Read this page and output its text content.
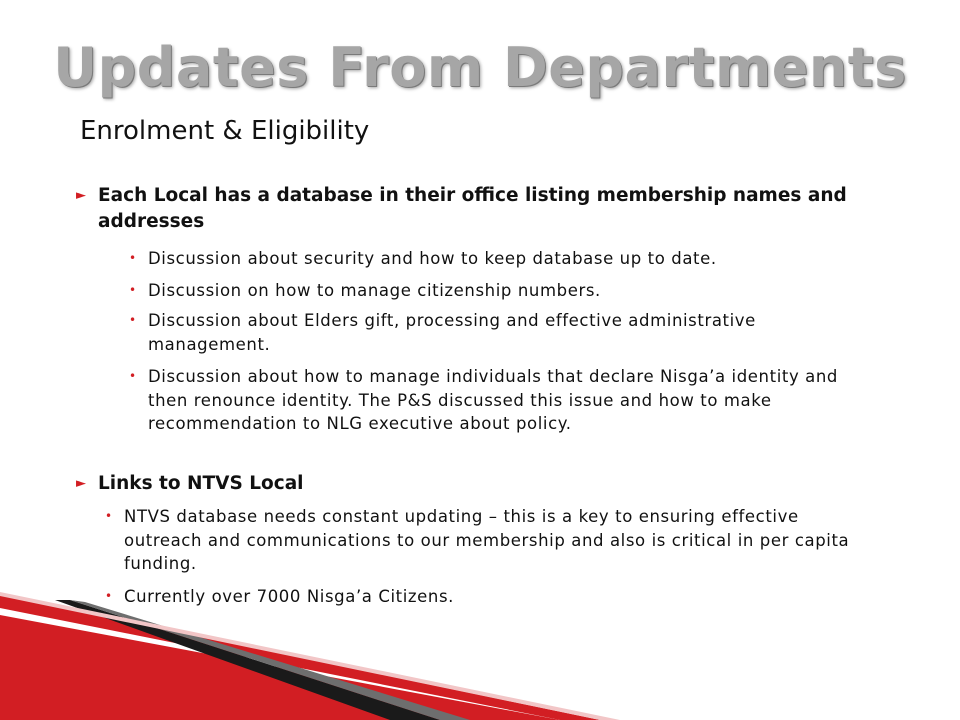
Updates From Departments
Enrolment & Eligibility
► Each Local has a database in their office listing membership names and addresses
• Discussion about security and how to keep database up to date.
• Discussion on how to manage citizenship numbers.
• Discussion about Elders gift, processing and effective administrative management.
• Discussion about how to manage individuals that declare Nisga’a identity and then renounce identity. The P&S discussed this issue and how to make recommendation to NLG executive about policy.
► Links to NTVS Local
• NTVS database needs constant updating – this is a key to ensuring effective outreach and communications to our membership and also is critical in per capita funding.
• Currently over 7000 Nisga’a Citizens.
